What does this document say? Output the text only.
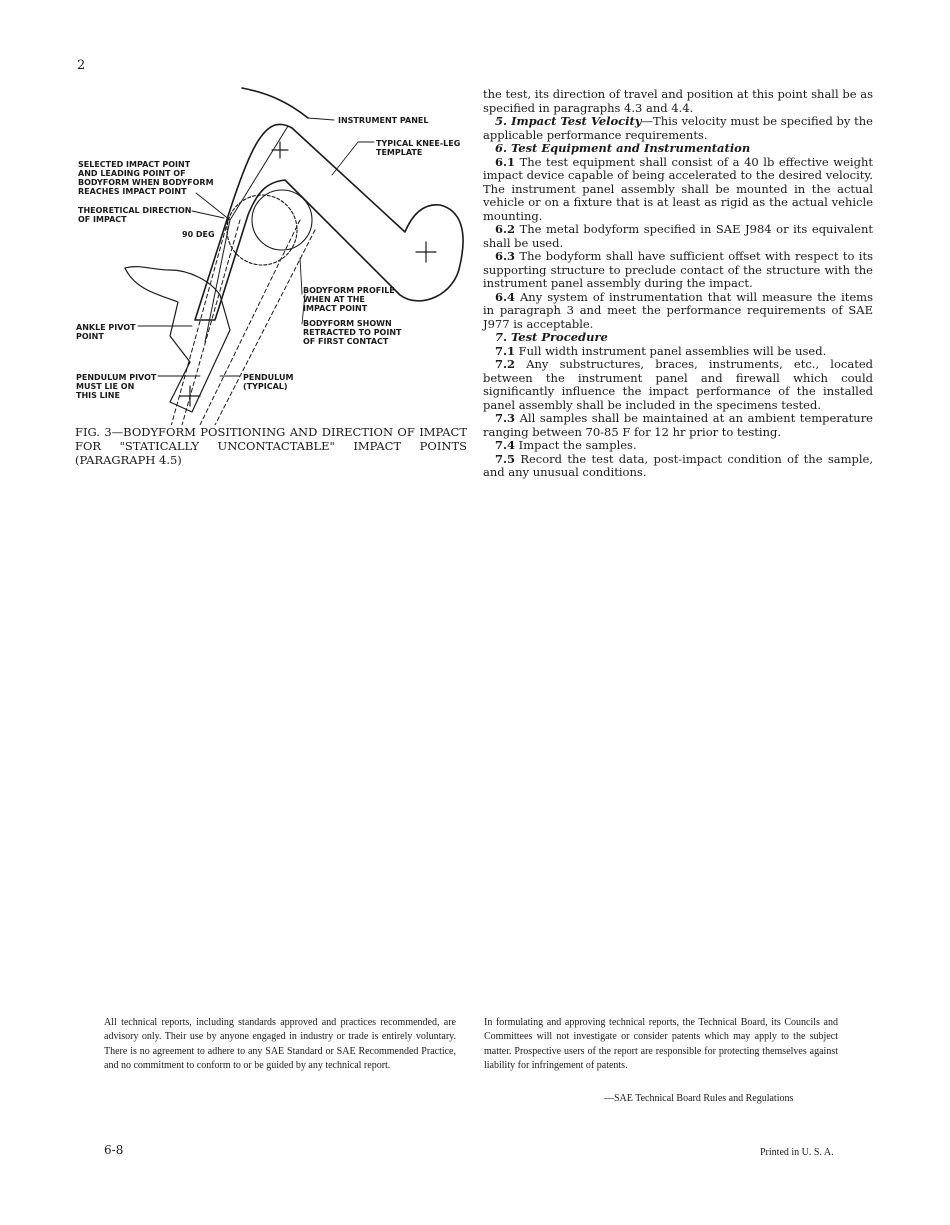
2
INSTRUMENT PANEL
TYPICAL KNEE-LEG
TEMPLATE
SELECTED IMPACT POINT
AND LEADING POINT OF
BODYFORM WHEN BODYFORM
REACHES IMPACT POINT
THEORETICAL DIRECTION
OF IMPACT
90 DEG
BODYFORM PROFILE
WHEN AT THE
IMPACT POINT
BODYFORM SHOWN
RETRACTED TO POINT
OF FIRST CONTACT
ANKLE PIVOT
POINT
PENDULUM PIVOT
MUST LIE ON
THIS LINE
PENDULUM
(TYPICAL)
FIG. 3—BODYFORM POSITIONING AND DIRECTION OF IMPACT FOR "STATICALLY UNCONTACTABLE" IMPACT POINTS (PARAGRAPH 4.5)

the test, its direction of travel and position at this point shall be as specified in paragraphs 4.3 and 4.4.

5. Impact Test Velocity—This velocity must be specified by the applicable performance requirements.

6. Test Equipment and Instrumentation

6.1 The test equipment shall consist of a 40 lb effective weight impact device capable of being accelerated to the desired velocity. The instrument panel assembly shall be mounted in the actual vehicle or on a fixture that is at least as rigid as the actual vehicle mounting.

6.2 The metal bodyform specified in SAE J984 or its equivalent shall be used.

6.3 The bodyform shall have sufficient offset with respect to its supporting structure to preclude contact of the structure with the instrument panel assembly during the impact.

6.4 Any system of instrumentation that will measure the items in paragraph 3 and meet the performance requirements of SAE J977 is acceptable.

7. Test Procedure

7.1 Full width instrument panel assemblies will be used.

7.2 Any substructures, braces, instruments, etc., located between the instrument panel and firewall which could significantly influence the impact performance of the installed panel assembly shall be included in the specimens tested.

7.3 All samples shall be maintained at an ambient temperature ranging between 70-85 F for 12 hr prior to testing.

7.4 Impact the samples.

7.5 Record the test data, post-impact condition of the sample, and any unusual conditions.

All technical reports, including standards approved and practices recommended, are advisory only. Their use by anyone engaged in industry or trade is entirely voluntary. There is no agreement to adhere to any SAE Standard or SAE Recommended Practice, and no commitment to conform to or be guided by any technical report.
In formulating and approving technical reports, the Technical Board, its Councils and Committees will not investigate or consider patents which may apply to the subject matter. Prospective users of the report are responsible for protecting themselves against liability for infringement of patents.
—SAE Technical Board Rules and Regulations
6-8	Printed in U. S. A.
